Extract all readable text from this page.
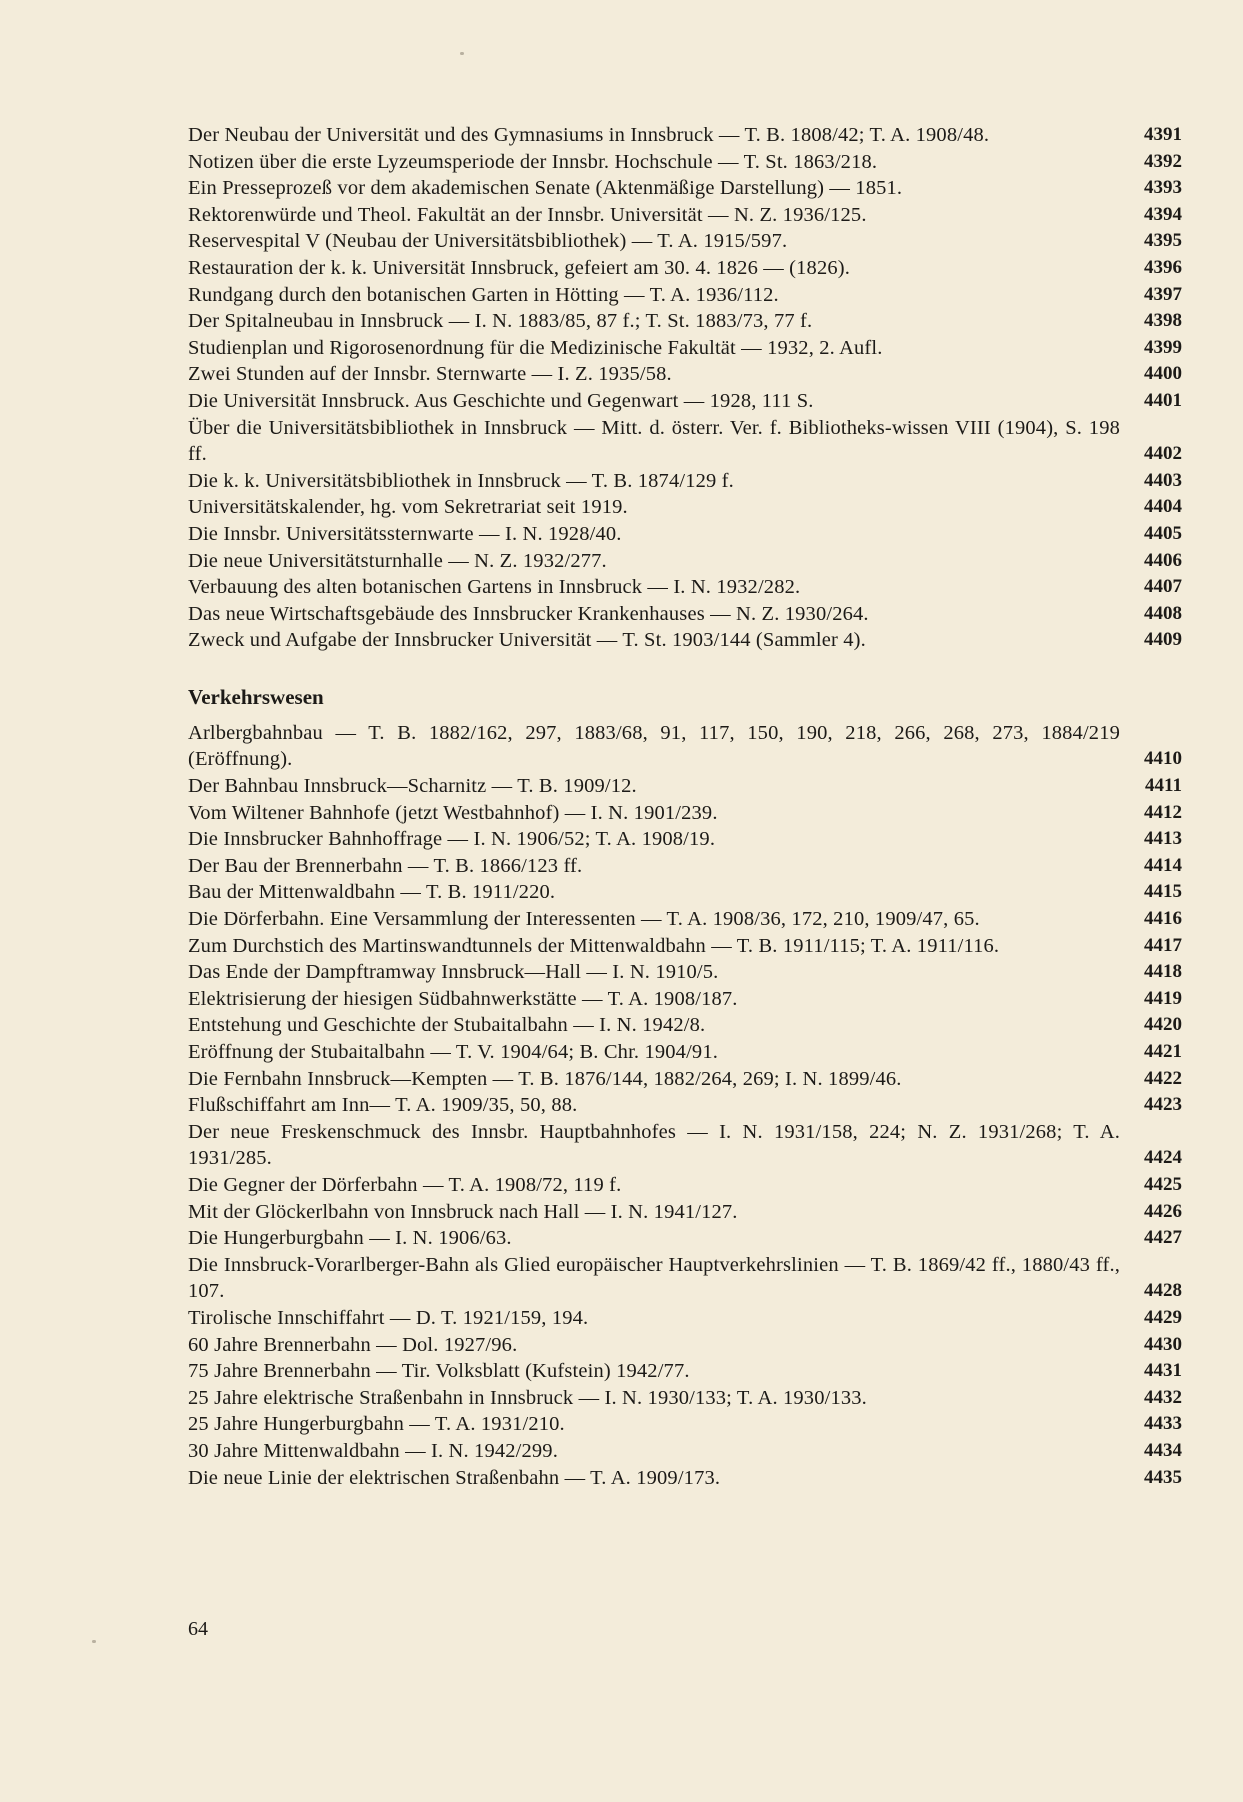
Der Neubau der Universität und des Gymnasiums in Innsbruck — T. B. 1808/42; T. A. 1908/48.	4391
Notizen über die erste Lyzeumsperiode der Innsbr. Hochschule — T. St. 1863/218.	4392
Ein Presseprozeß vor dem akademischen Senate (Aktenmäßige Darstellung) — 1851.	4393
Rektorenwürde und Theol. Fakultät an der Innsbr. Universität — N. Z. 1936/125.	4394
Reservespital V (Neubau der Universitätsbibliothek) — T. A. 1915/597.	4395
Restauration der k. k. Universität Innsbruck, gefeiert am 30. 4. 1826 — (1826).	4396
Rundgang durch den botanischen Garten in Hötting — T. A. 1936/112.	4397
Der Spitalneubau in Innsbruck — I. N. 1883/85, 87 f.; T. St. 1883/73, 77 f.	4398
Studienplan und Rigorosenordnung für die Medizinische Fakultät — 1932, 2. Aufl.	4399
Zwei Stunden auf der Innsbr. Sternwarte — I. Z. 1935/58.	4400
Die Universität Innsbruck. Aus Geschichte und Gegenwart — 1928, 111 S.	4401
Über die Universitätsbibliothek in Innsbruck — Mitt. d. österr. Ver. f. Bibliotheks-wissen VIII (1904), S. 198 ff.	4402
Die k. k. Universitätsbibliothek in Innsbruck — T. B. 1874/129 f.	4403
Universitätskalender, hg. vom Sekretrariat seit 1919.	4404
Die Innsbr. Universitätssternwarte — I. N. 1928/40.	4405
Die neue Universitätsturnhalle — N. Z. 1932/277.	4406
Verbauung des alten botanischen Gartens in Innsbruck — I. N. 1932/282.	4407
Das neue Wirtschaftsgebäude des Innsbrucker Krankenhauses — N. Z. 1930/264.	4408
Zweck und Aufgabe der Innsbrucker Universität — T. St. 1903/144 (Sammler 4).	4409
Verkehrswesen
Arlbergbahnbau — T. B. 1882/162, 297, 1883/68, 91, 117, 150, 190, 218, 266, 268, 273, 1884/219 (Eröffnung).	4410
Der Bahnbau Innsbruck—Scharnitz — T. B. 1909/12.	4411
Vom Wiltener Bahnhofe (jetzt Westbahnhof) — I. N. 1901/239.	4412
Die Innsbrucker Bahnhoffrage — I. N. 1906/52; T. A. 1908/19.	4413
Der Bau der Brennerbahn — T. B. 1866/123 ff.	4414
Bau der Mittenwaldbahn — T. B. 1911/220.	4415
Die Dörferbahn. Eine Versammlung der Interessenten — T. A. 1908/36, 172, 210, 1909/47, 65.	4416
Zum Durchstich des Martinswandtunnels der Mittenwaldbahn — T. B. 1911/115; T. A. 1911/116.	4417
Das Ende der Dampftramway Innsbruck—Hall — I. N. 1910/5.	4418
Elektrisierung der hiesigen Südbahnwerkstätte — T. A. 1908/187.	4419
Entstehung und Geschichte der Stubaitalbahn — I. N. 1942/8.	4420
Eröffnung der Stubaitalbahn — T. V. 1904/64; B. Chr. 1904/91.	4421
Die Fernbahn Innsbruck—Kempten — T. B. 1876/144, 1882/264, 269; I. N. 1899/46.	4422
Flußschiffahrt am Inn— T. A. 1909/35, 50, 88.	4423
Der neue Freskenschmuck des Innsbr. Hauptbahnhofes — I. N. 1931/158, 224; N. Z. 1931/268; T. A. 1931/285.	4424
Die Gegner der Dörferbahn — T. A. 1908/72, 119 f.	4425
Mit der Glöckerlbahn von Innsbruck nach Hall — I. N. 1941/127.	4426
Die Hungerburgbahn — I. N. 1906/63.	4427
Die Innsbruck-Vorarlberger-Bahn als Glied europäischer Hauptverkehrslinien — T. B. 1869/42 ff., 1880/43 ff., 107.	4428
Tirolische Innschiffahrt — D. T. 1921/159, 194.	4429
60 Jahre Brennerbahn — Dol. 1927/96.	4430
75 Jahre Brennerbahn — Tir. Volksblatt (Kufstein) 1942/77.	4431
25 Jahre elektrische Straßenbahn in Innsbruck — I. N. 1930/133; T. A. 1930/133.	4432
25 Jahre Hungerburgbahn — T. A. 1931/210.	4433
30 Jahre Mittenwaldbahn — I. N. 1942/299.	4434
Die neue Linie der elektrischen Straßenbahn — T. A. 1909/173.	4435
64
